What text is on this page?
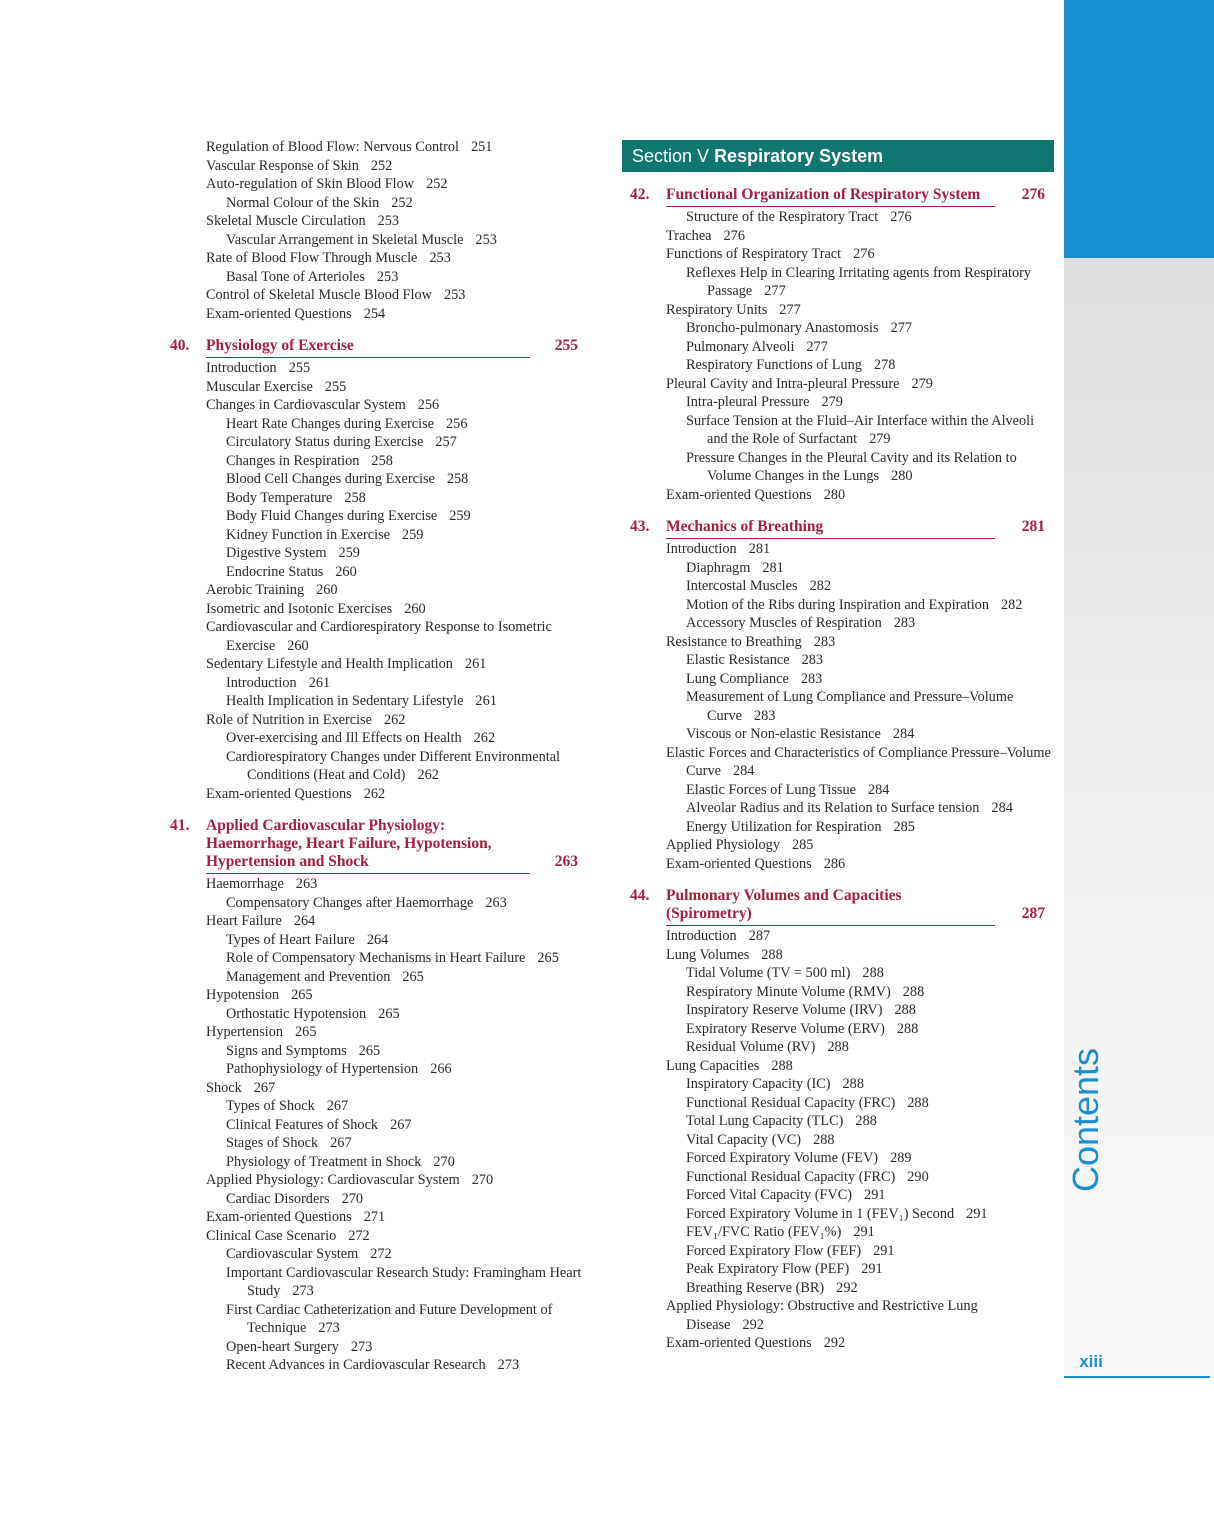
Contents
xiii
Regulation of Blood Flow: Nervous Control 251
Vascular Response of Skin 252
Auto-regulation of Skin Blood Flow 252
Normal Colour of the Skin 252
Skeletal Muscle Circulation 253
Vascular Arrangement in Skeletal Muscle 253
Rate of Blood Flow Through Muscle 253
Basal Tone of Arterioles 253
Control of Skeletal Muscle Blood Flow 253
Exam-oriented Questions 254
40.	Physiology of Exercise	255
Introduction 255
Muscular Exercise 255
Changes in Cardiovascular System 256
Heart Rate Changes during Exercise 256
Circulatory Status during Exercise 257
Changes in Respiration 258
Blood Cell Changes during Exercise 258
Body Temperature 258
Body Fluid Changes during Exercise 259
Kidney Function in Exercise 259
Digestive System 259
Endocrine Status 260
Aerobic Training 260
Isometric and Isotonic Exercises 260
Cardiovascular and Cardiorespiratory Response to Isometric Exercise 260
Sedentary Lifestyle and Health Implication 261
Introduction 261
Health Implication in Sedentary Lifestyle 261
Role of Nutrition in Exercise 262
Over-exercising and Ill Effects on Health 262
Cardiorespiratory Changes under Different Environmental Conditions (Heat and Cold) 262
Exam-oriented Questions 262
41.	Applied Cardiovascular Physiology: Haemorrhage, Heart Failure, Hypotension, Hypertension and Shock	263
Haemorrhage 263
Compensatory Changes after Haemorrhage 263
Heart Failure 264
Types of Heart Failure 264
Role of Compensatory Mechanisms in Heart Failure 265
Management and Prevention 265
Hypotension 265
Orthostatic Hypotension 265
Hypertension 265
Signs and Symptoms 265
Pathophysiology of Hypertension 266
Shock 267
Types of Shock 267
Clinical Features of Shock 267
Stages of Shock 267
Physiology of Treatment in Shock 270
Applied Physiology: Cardiovascular System 270
Cardiac Disorders 270
Exam-oriented Questions 271
Clinical Case Scenario 272
Cardiovascular System 272
Important Cardiovascular Research Study: Framingham Heart Study 273
First Cardiac Catheterization and Future Development of Technique 273
Open-heart Surgery 273
Recent Advances in Cardiovascular Research 273
Section V Respiratory System
42.	Functional Organization of Respiratory System	276
Structure of the Respiratory Tract 276
Trachea 276
Functions of Respiratory Tract 276
Reflexes Help in Clearing Irritating agents from Respiratory Passage 277
Respiratory Units 277
Broncho-pulmonary Anastomosis 277
Pulmonary Alveoli 277
Respiratory Functions of Lung 278
Pleural Cavity and Intra-pleural Pressure 279
Intra-pleural Pressure 279
Surface Tension at the Fluid–Air Interface within the Alveoli and the Role of Surfactant 279
Pressure Changes in the Pleural Cavity and its Relation to Volume Changes in the Lungs 280
Exam-oriented Questions 280
43.	Mechanics of Breathing	281
Introduction 281
Diaphragm 281
Intercostal Muscles 282
Motion of the Ribs during Inspiration and Expiration 282
Accessory Muscles of Respiration 283
Resistance to Breathing 283
Elastic Resistance 283
Lung Compliance 283
Measurement of Lung Compliance and Pressure–Volume Curve 283
Viscous or Non-elastic Resistance 284
Elastic Forces and Characteristics of Compliance Pressure–Volume Curve 284
Elastic Forces of Lung Tissue 284
Alveolar Radius and its Relation to Surface tension 284
Energy Utilization for Respiration 285
Applied Physiology 285
Exam-oriented Questions 286
44.	Pulmonary Volumes and Capacities (Spirometry)	287
Introduction 287
Lung Volumes 288
Tidal Volume (TV = 500 ml) 288
Respiratory Minute Volume (RMV) 288
Inspiratory Reserve Volume (IRV) 288
Expiratory Reserve Volume (ERV) 288
Residual Volume (RV) 288
Lung Capacities 288
Inspiratory Capacity (IC) 288
Functional Residual Capacity (FRC) 288
Total Lung Capacity (TLC) 288
Vital Capacity (VC) 288
Forced Expiratory Volume (FEV) 289
Functional Residual Capacity (FRC) 290
Forced Vital Capacity (FVC) 291
Forced Expiratory Volume in 1 (FEV₁) Second 291
FEV₁/FVC Ratio (FEV₁%) 291
Forced Expiratory Flow (FEF) 291
Peak Expiratory Flow (PEF) 291
Breathing Reserve (BR) 292
Applied Physiology: Obstructive and Restrictive Lung Disease 292
Exam-oriented Questions 292
